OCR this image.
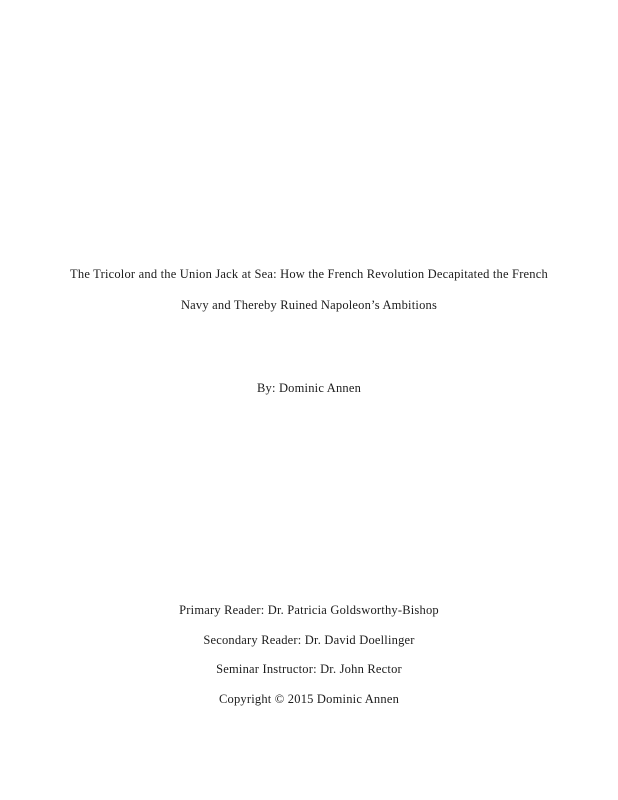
The Tricolor and the Union Jack at Sea: How the French Revolution Decapitated the French
Navy and Thereby Ruined Napoleon’s Ambitions
By: Dominic Annen
Primary Reader: Dr. Patricia Goldsworthy-Bishop
Secondary Reader: Dr. David Doellinger
Seminar Instructor: Dr. John Rector
Copyright © 2015 Dominic Annen
